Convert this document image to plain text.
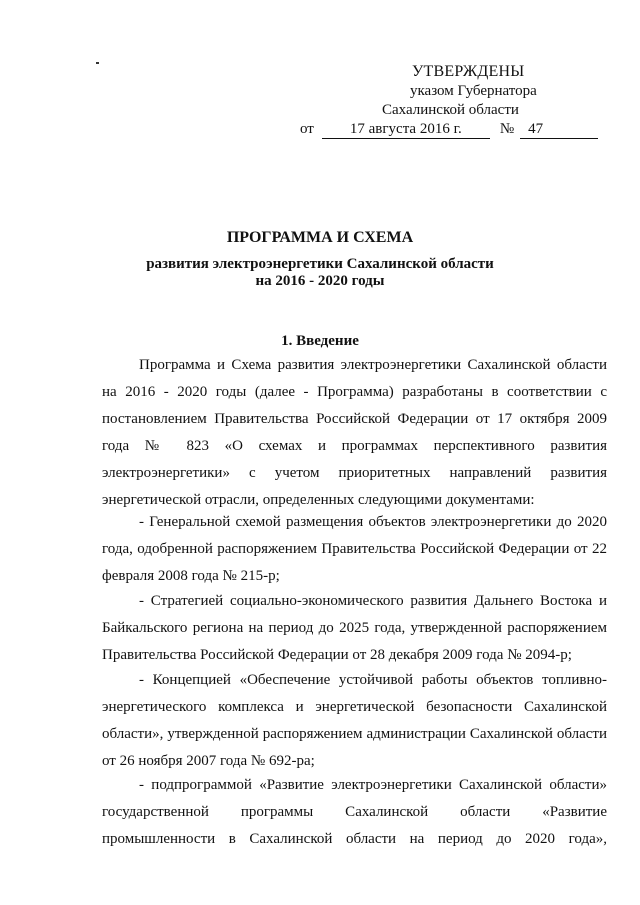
УТВЕРЖДЕНЫ
указом Губернатора
Сахалинской области
от 17 августа 2016 г.	№ 47
ПРОГРАММА И СХЕМА
развития электроэнергетики Сахалинской области
на 2016 - 2020 годы
1. Введение

Программа и Схема развития электроэнергетики Сахалинской области на 2016 - 2020 годы (далее - Программа) разработаны в соответствии с постановлением Правительства Российской Федерации от 17 октября 2009 года № 823 «О схемах и программах перспективного развития электроэнергетики» с учетом приоритетных направлений развития энергетической отрасли, определенных следующими документами:

- Генеральной схемой размещения объектов электроэнергетики до 2020 года, одобренной распоряжением Правительства Российской Федерации от 22 февраля 2008 года № 215-р;

- Стратегией социально-экономического развития Дальнего Востока и Байкальского региона на период до 2025 года, утвержденной распоряжением Правительства Российской Федерации от 28 декабря 2009 года № 2094-р;

- Концепцией «Обеспечение устойчивой работы объектов топливно-энергетического комплекса и энергетической безопасности Сахалинской области», утвержденной распоряжением администрации Сахалинской области от 26 ноября 2007 года № 692-ра;

- подпрограммой «Развитие электроэнергетики Сахалинской области» государственной программы Сахалинской области «Развитие промышленности в Сахалинской области на период до 2020 года»,
